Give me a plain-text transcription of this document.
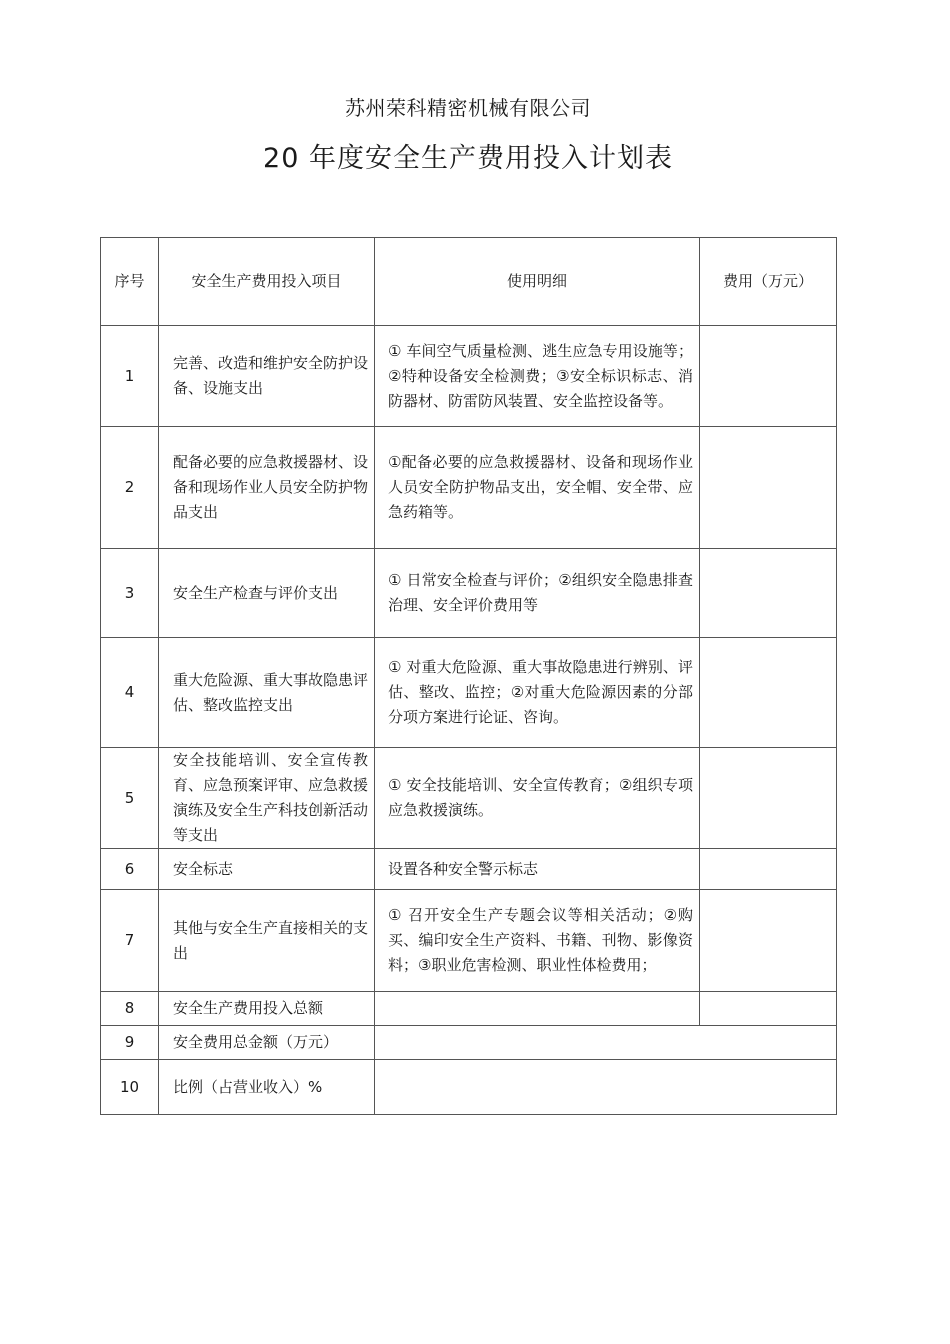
苏州荣科精密机械有限公司
20 年度安全生产费用投入计划表
序号	安全生产费用投入项目	使用明细	费用（万元）
1	完善、改造和维护安全防护设备、设施支出	① 车间空气质量检测、逃生应急专用设施等；②特种设备安全检测费；③安全标识标志、消防器材、防雷防风装置、安全监控设备等。	
2	配备必要的应急救援器材、设备和现场作业人员安全防护物品支出	①配备必要的应急救援器材、设备和现场作业人员安全防护物品支出，安全帽、安全带、应急药箱等。	
3	安全生产检查与评价支出	① 日常安全检查与评价；②组织安全隐患排查治理、安全评价费用等	
4	重大危险源、重大事故隐患评估、整改监控支出	① 对重大危险源、重大事故隐患进行辨别、评估、整改、监控；②对重大危险源因素的分部分项方案进行论证、咨询。	
5	安全技能培训、安全宣传教育、应急预案评审、应急救援演练及安全生产科技创新活动等支出	① 安全技能培训、安全宣传教育；②组织专项应急救援演练。	
6	安全标志	设置各种安全警示标志	
7	其他与安全生产直接相关的支出	① 召开安全生产专题会议等相关活动；②购买、编印安全生产资料、书籍、刊物、影像资料；③职业危害检测、职业性体检费用；	
8	安全生产费用投入总额		
9	安全费用总金额（万元）		
10	比例（占营业收入）%		
